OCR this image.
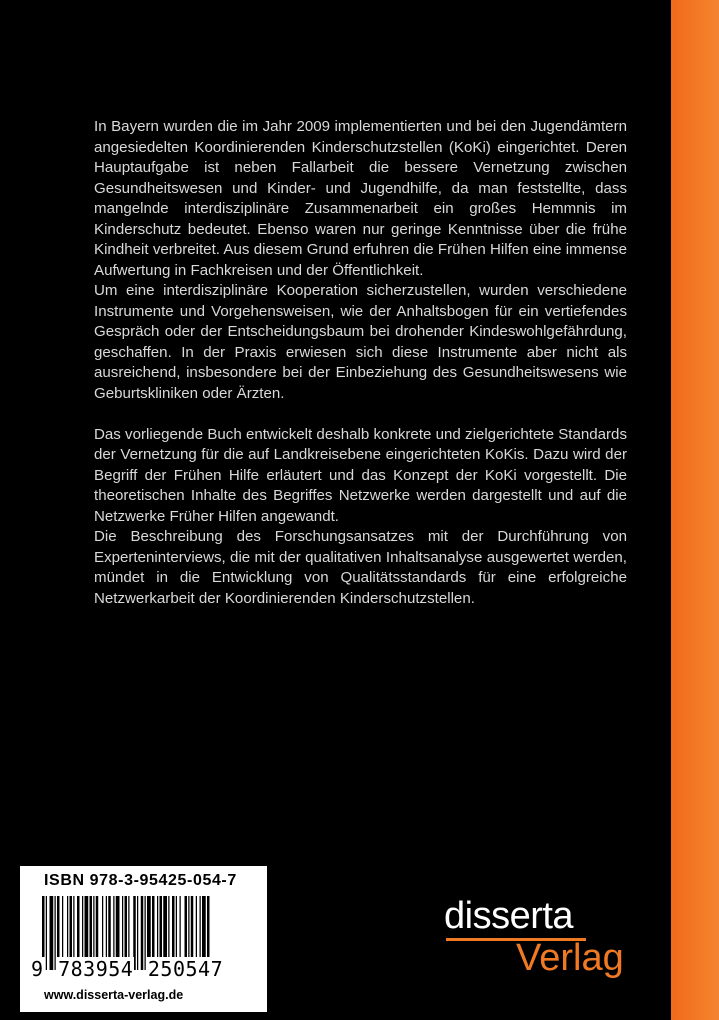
In Bayern wurden die im Jahr 2009 implementierten und bei den Jugendämtern angesiedelten Koordinierenden Kinderschutzstellen (KoKi) eingerichtet. Deren Hauptaufgabe ist neben Fallarbeit die bessere Vernetzung zwischen Gesundheitswesen und Kinder- und Jugendhilfe, da man feststellte, dass mangelnde interdisziplinäre Zusammenarbeit ein großes Hemmnis im Kinderschutz bedeutet. Ebenso waren nur geringe Kenntnisse über die frühe Kindheit verbreitet. Aus diesem Grund erfuhren die Frühen Hilfen eine immense Aufwertung in Fachkreisen und der Öffentlichkeit.

Um eine interdisziplinäre Kooperation sicherzustellen, wurden verschiedene Instrumente und Vorgehensweisen, wie der Anhaltsbogen für ein vertiefendes Gespräch oder der Entscheidungsbaum bei drohender Kindeswohlgefährdung, geschaffen. In der Praxis erwiesen sich diese Instrumente aber nicht als ausreichend, insbesondere bei der Einbeziehung des Gesundheitswesens wie Geburtskliniken oder Ärzten.

Das vorliegende Buch entwickelt deshalb konkrete und zielgerichtete Standards der Vernetzung für die auf Landkreisebene eingerichteten KoKis. Dazu wird der Begriff der Frühen Hilfe erläutert und das Konzept der KoKi vorgestellt. Die theoretischen Inhalte des Begriffes Netzwerke werden dargestellt und auf die Netzwerke Früher Hilfen angewandt.

Die Beschreibung des Forschungsansatzes mit der Durchführung von Experteninterviews, die mit der qualitativen Inhaltsanalyse ausgewertet werden, mündet in die Entwicklung von Qualitätsstandards für eine erfolgreiche Netzwerkarbeit der Koordinierenden Kinderschutzstellen.

ISBN 978-3-95425-054-7
9 783954 250547
www.disserta-verlag.de
disserta
Verlag
